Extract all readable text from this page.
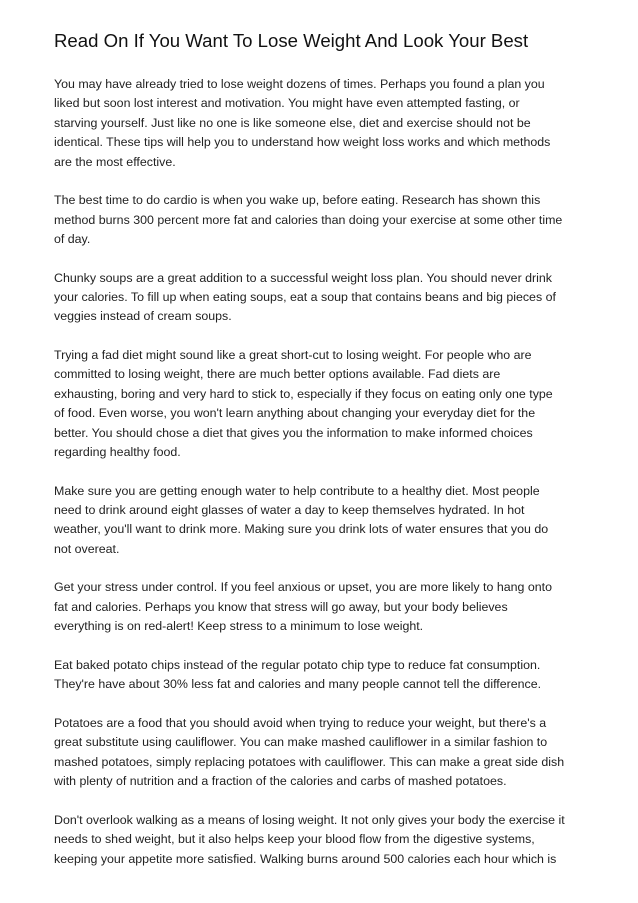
Read On If You Want To Lose Weight And Look Your Best

You may have already tried to lose weight dozens of times. Perhaps you found a plan you
liked but soon lost interest and motivation. You might have even attempted fasting, or
starving yourself. Just like no one is like someone else, diet and exercise should not be
identical. These tips will help you to understand how weight loss works and which methods
are the most effective.

The best time to do cardio is when you wake up, before eating. Research has shown this
method burns 300 percent more fat and calories than doing your exercise at some other time
of day.

Chunky soups are a great addition to a successful weight loss plan. You should never drink
your calories. To fill up when eating soups, eat a soup that contains beans and big pieces of
veggies instead of cream soups.

Trying a fad diet might sound like a great short-cut to losing weight. For people who are
committed to losing weight, there are much better options available. Fad diets are
exhausting, boring and very hard to stick to, especially if they focus on eating only one type
of food. Even worse, you won't learn anything about changing your everyday diet for the
better. You should chose a diet that gives you the information to make informed choices
regarding healthy food.

Make sure you are getting enough water to help contribute to a healthy diet. Most people
need to drink around eight glasses of water a day to keep themselves hydrated. In hot
weather, you'll want to drink more. Making sure you drink lots of water ensures that you do
not overeat.

Get your stress under control. If you feel anxious or upset, you are more likely to hang onto
fat and calories. Perhaps you know that stress will go away, but your body believes
everything is on red-alert! Keep stress to a minimum to lose weight.

Eat baked potato chips instead of the regular potato chip type to reduce fat consumption.
They're have about 30% less fat and calories and many people cannot tell the difference.

Potatoes are a food that you should avoid when trying to reduce your weight, but there's a
great substitute using cauliflower. You can make mashed cauliflower in a similar fashion to
mashed potatoes, simply replacing potatoes with cauliflower. This can make a great side dish
with plenty of nutrition and a fraction of the calories and carbs of mashed potatoes.

Don't overlook walking as a means of losing weight. It not only gives your body the exercise it
needs to shed weight, but it also helps keep your blood flow from the digestive systems,
keeping your appetite more satisfied. Walking burns around 500 calories each hour which is
